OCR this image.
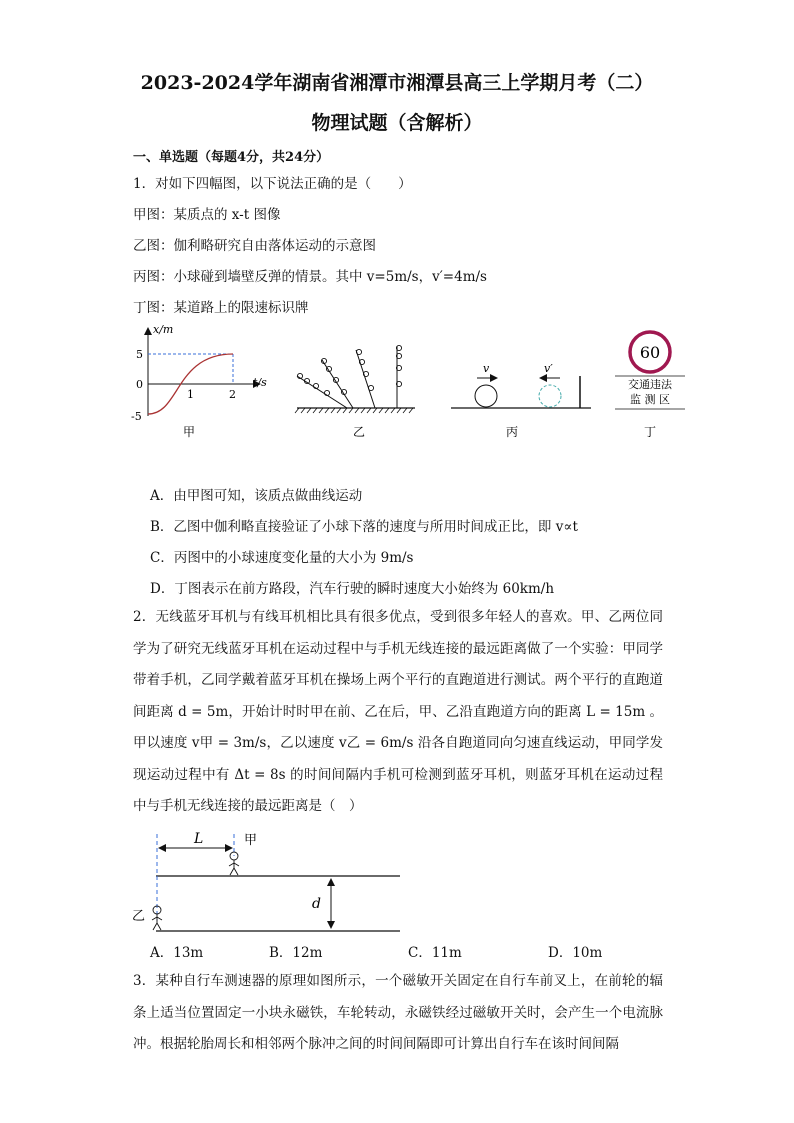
2023-2024学年湖南省湘潭市湘潭县高三上学期月考（二）
物理试题（含解析）
一、单选题（每题4分，共24分）
1．对如下四幅图，以下说法正确的是（　　）
甲图：某质点的 x-t 图像
乙图：伽利略研究自由落体运动的示意图
丙图：小球碰到墙壁反弹的情景。其中 v=5m/s，v′=4m/s
丁图：某道路上的限速标识牌
x/m
t/s
5
0
-5
1	2
甲	乙
v	v′
丙
60
交通违法
监 测 区
丁
A．由甲图可知，该质点做曲线运动
B．乙图中伽利略直接验证了小球下落的速度与所用时间成正比，即 v∝t
C．丙图中的小球速度变化量的大小为 9m/s
D．丁图表示在前方路段，汽车行驶的瞬时速度大小始终为 60km/h
2．无线蓝牙耳机与有线耳机相比具有很多优点，受到很多年轻人的喜欢。甲、乙两位同学为了研究无线蓝牙耳机在运动过程中与手机无线连接的最远距离做了一个实验：甲同学带着手机，乙同学戴着蓝牙耳机在操场上两个平行的直跑道进行测试。两个平行的直跑道间距离 d = 5m，开始计时时甲在前、乙在后，甲、乙沿直跑道方向的距离 L = 15m 。甲以速度 v甲 = 3m/s，乙以速度 v乙 = 6m/s 沿各自跑道同向匀速直线运动，甲同学发现运动过程中有 Δt = 8s 的时间间隔内手机可检测到蓝牙耳机，则蓝牙耳机在运动过程中与手机无线连接的最远距离是（　）
L	甲
乙
d
A．13m	B．12m	C．11m	D．10m
3．某种自行车测速器的原理如图所示，一个磁敏开关固定在自行车前叉上，在前轮的辐条上适当位置固定一小块永磁铁，车轮转动，永磁铁经过磁敏开关时，会产生一个电流脉冲。根据轮胎周长和相邻两个脉冲之间的时间间隔即可计算出自行车在该时间间隔
